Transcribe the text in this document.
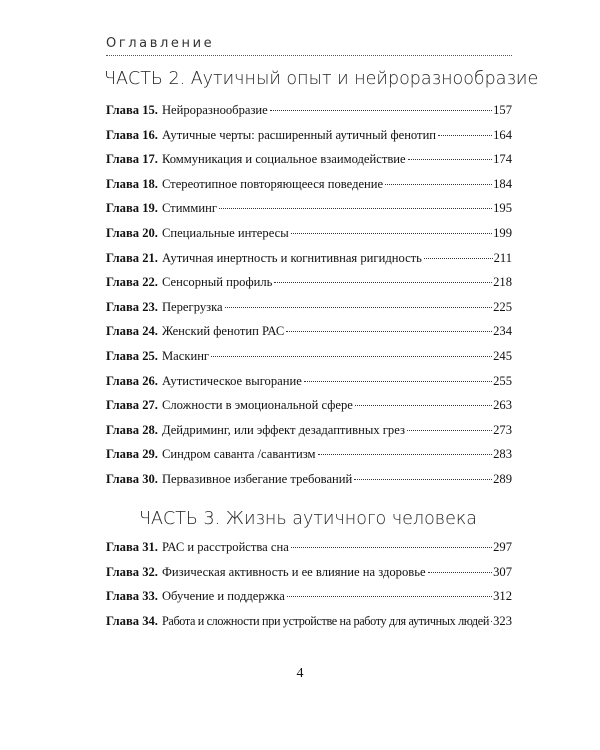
Оглавление
ЧАСТЬ 2. Аутичный опыт и нейроразнообразие
Глава 15. Нейроразнообразие	157
Глава 16. Аутичные черты: расширенный аутичный фенотип	164
Глава 17. Коммуникация и социальное взаимодействие	174
Глава 18. Стереотипное повторяющееся поведение	184
Глава 19. Стимминг	195
Глава 20. Специальные интересы	199
Глава 21. Аутичная инертность и когнитивная ригидность	211
Глава 22. Сенсорный профиль	218
Глава 23. Перегрузка	225
Глава 24. Женский фенотип РАС	234
Глава 25. Маскинг	245
Глава 26. Аутистическое выгорание	255
Глава 27. Сложности в эмоциональной сфере	263
Глава 28. Дейдриминг, или эффект дезадаптивных грез	273
Глава 29. Синдром саванта /савантизм	283
Глава 30. Первазивное избегание требований	289
ЧАСТЬ 3. Жизнь аутичного человека
Глава 31. РАС и расстройства сна	297
Глава 32. Физическая активность и ее влияние на здоровье	307
Глава 33. Обучение и поддержка	312
Глава 34. Работа и сложности при устройстве на работу для аутичных людей 323
4
